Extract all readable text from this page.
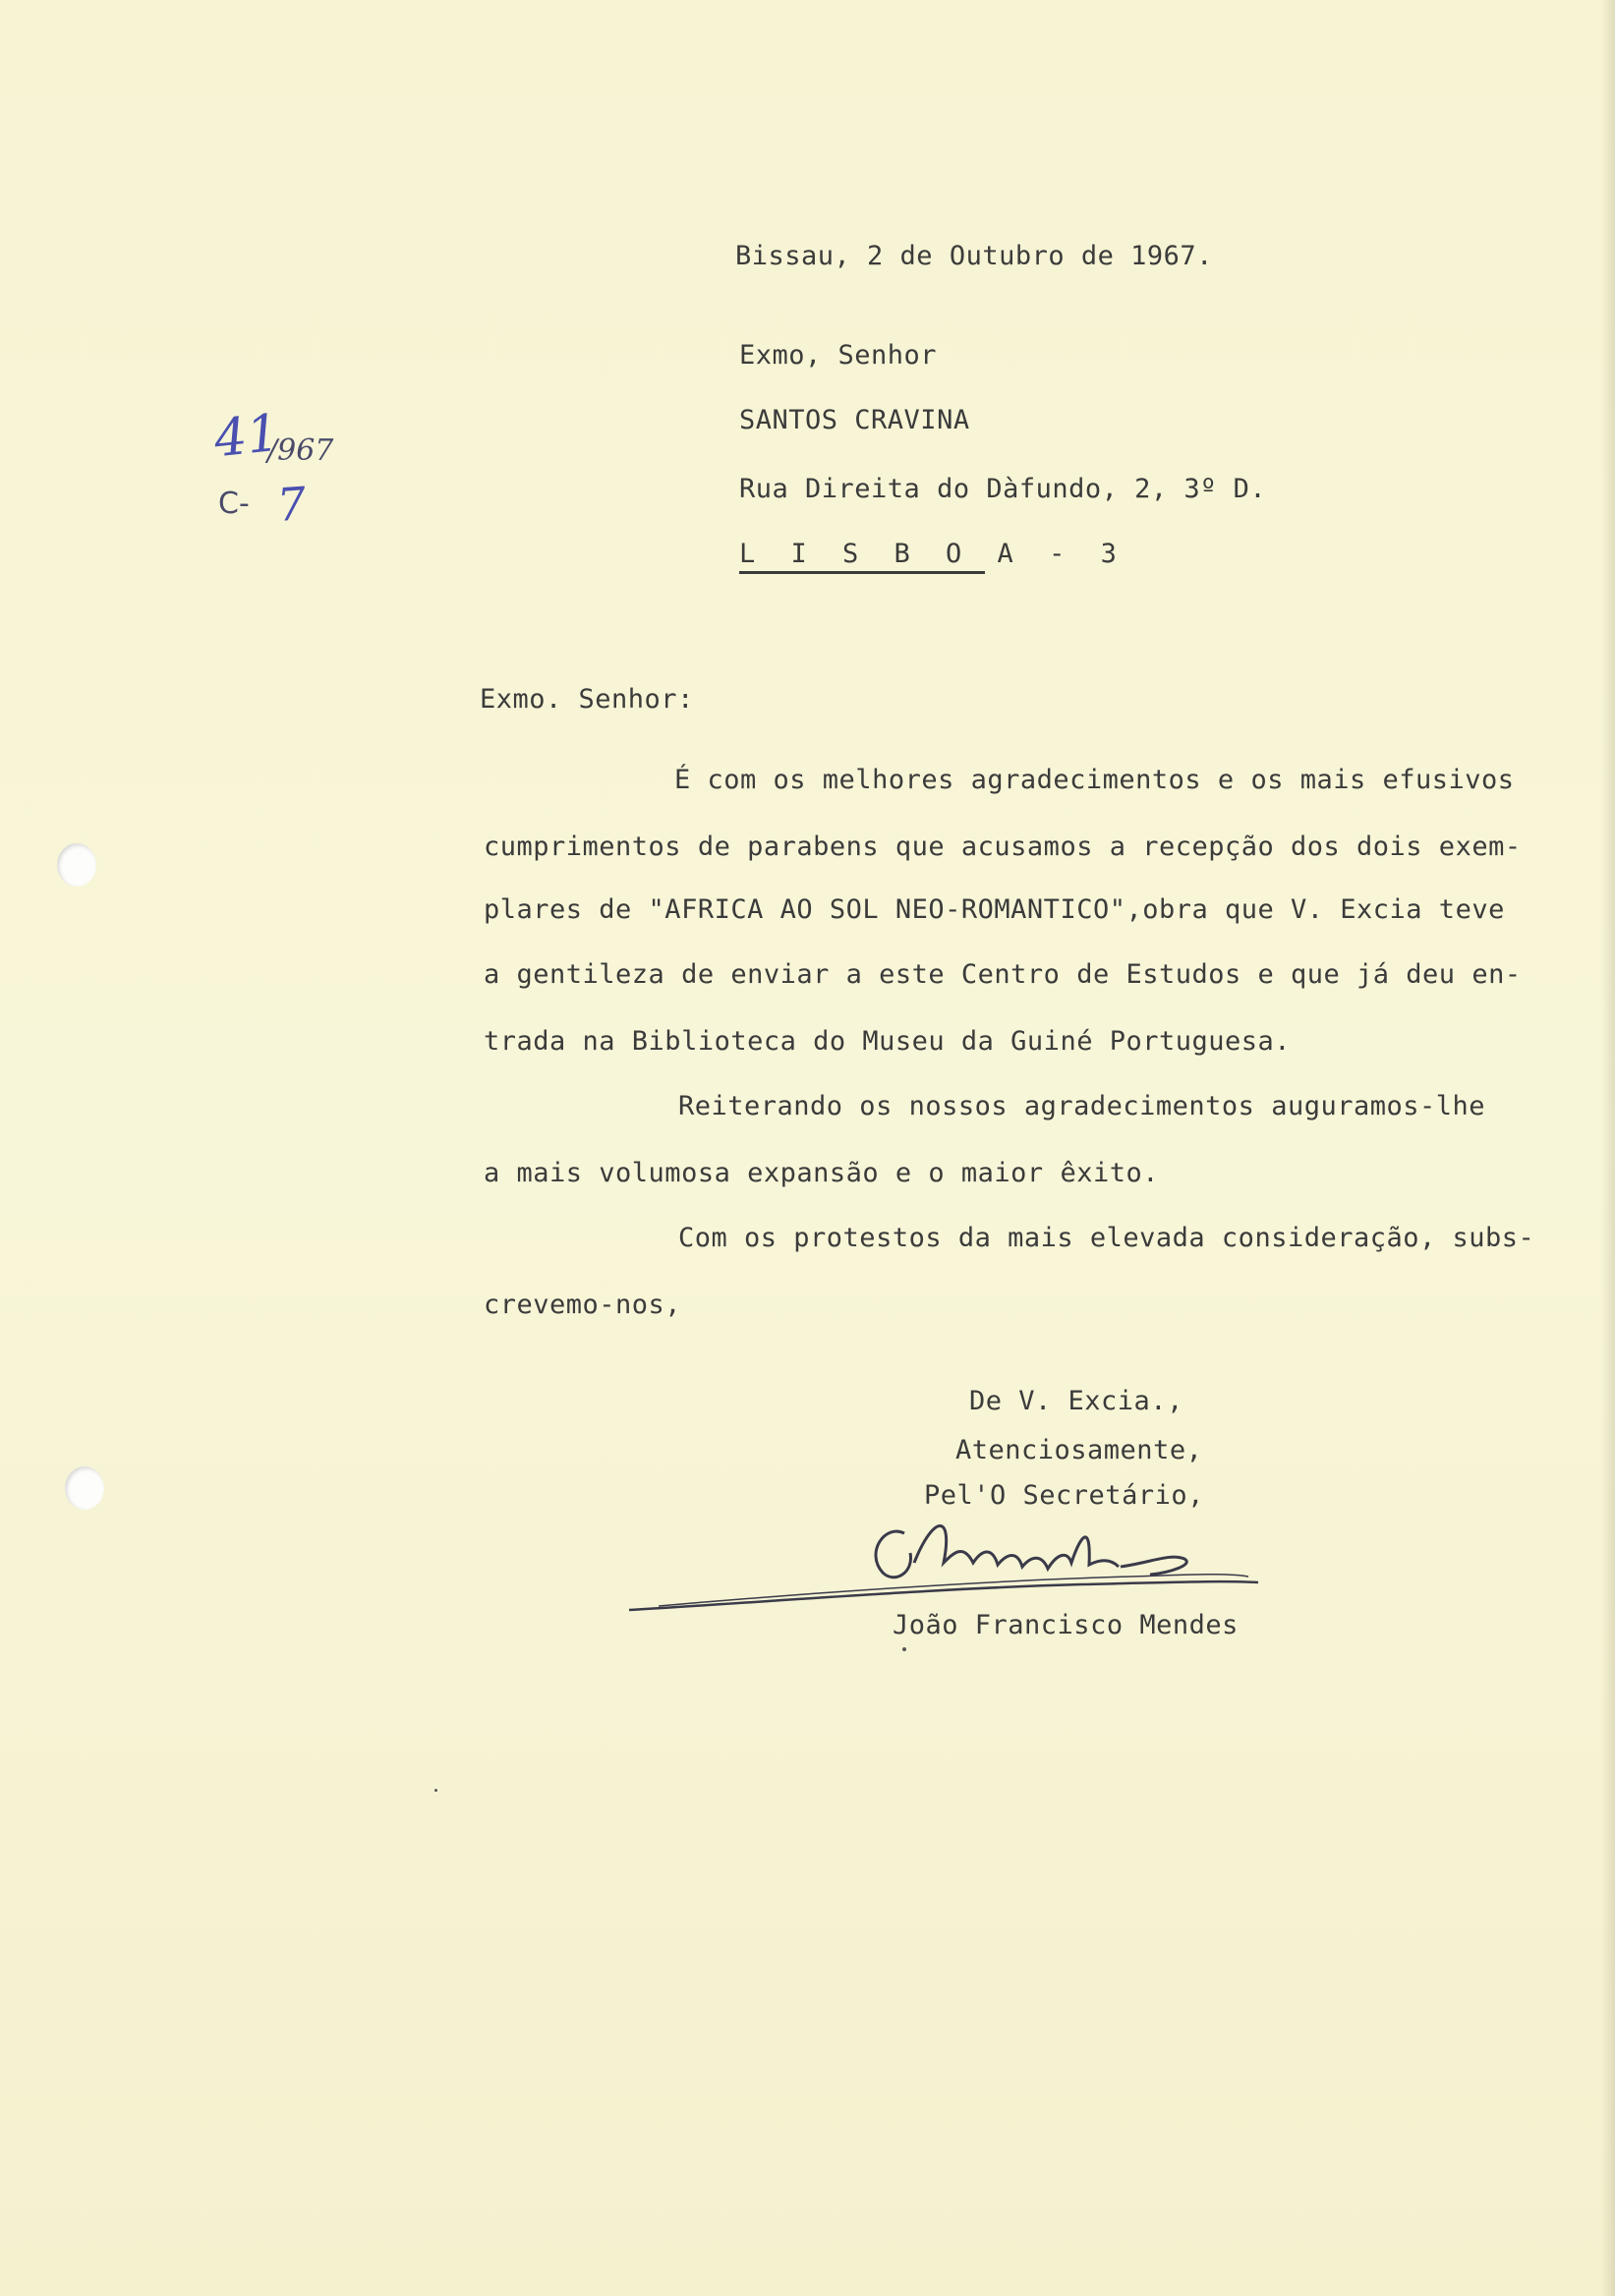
41
/967
C- 7
Bissau, 2 de Outubro de 1967.
Exmo, Senhor
SANTOS CRAVINA
Rua Direita do Dàfundo, 2, 3º D.
L I S B O A - 3
Exmo. Senhor:
É com os melhores agradecimentos e os mais efusivos
cumprimentos de parabens que acusamos a recepção dos dois exem-
plares de "AFRICA AO SOL NEO-ROMANTICO",obra que V. Excia teve
a gentileza de enviar a este Centro de Estudos e que já deu en-
trada na Biblioteca do Museu da Guiné Portuguesa.
Reiterando os nossos agradecimentos auguramos-lhe
a mais volumosa expansão e o maior êxito.
Com os protestos da mais elevada consideração, subs-
crevemo-nos,
De V. Excia.,
Atenciosamente,
Pel'O Secretário,
João Francisco Mendes
